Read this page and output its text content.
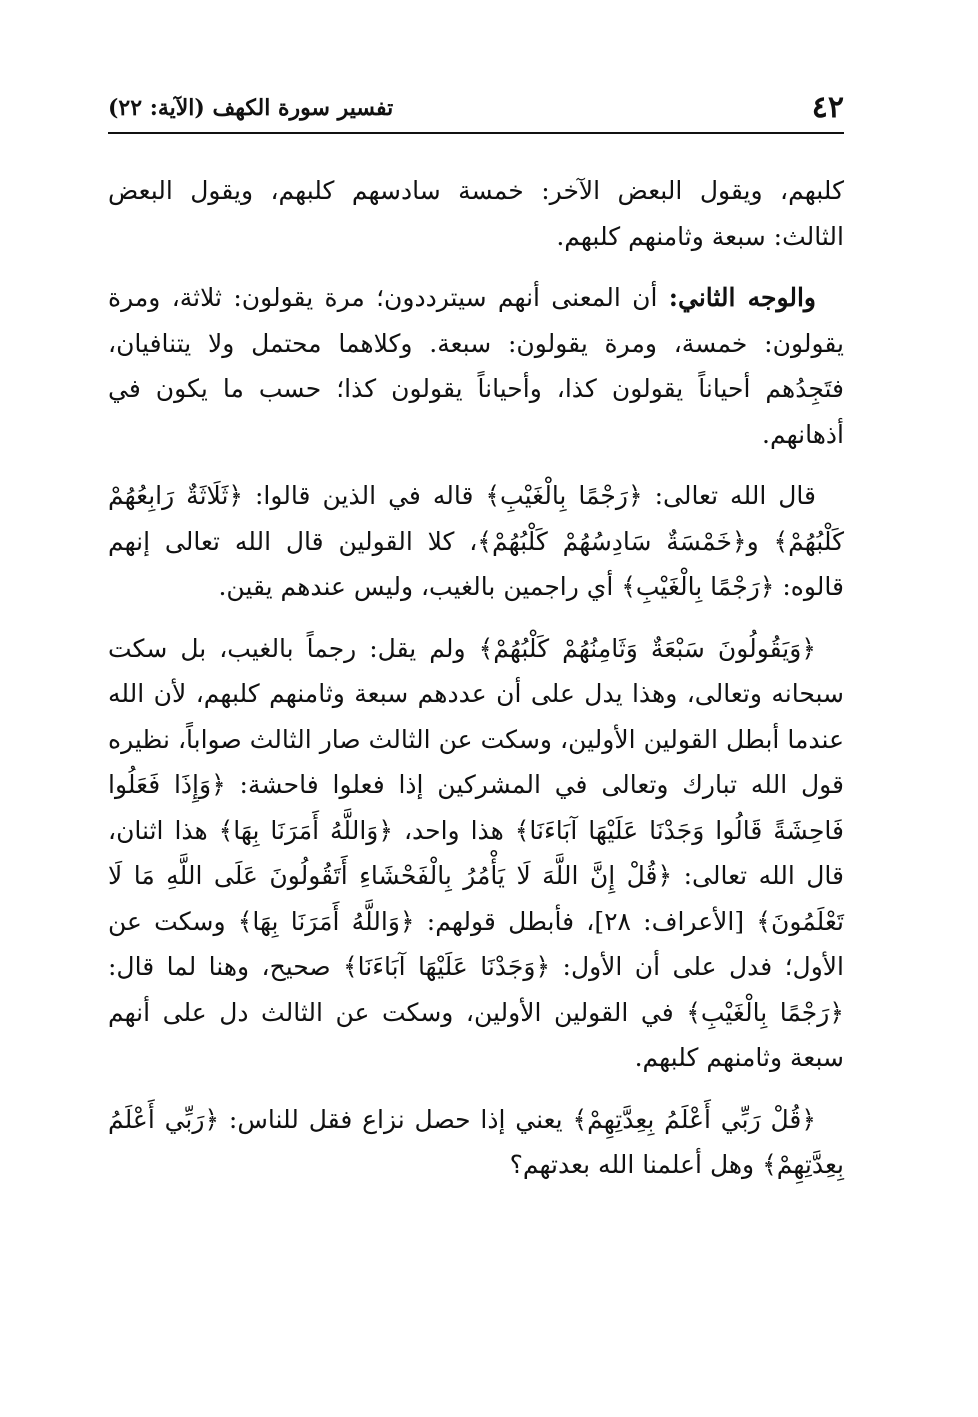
٤٢
تفسير سورة الكهف (الآية: ٢٢)

كلبهم، ويقول البعض الآخر: خمسة سادسهم كلبهم، ويقول البعض الثالث: سبعة وثامنهم كلبهم.

والوجه الثاني: أن المعنى أنهم سيترددون؛ مرة يقولون: ثلاثة، ومرة يقولون: خمسة، ومرة يقولون: سبعة. وكلاهما محتمل ولا يتنافيان، فتَجِدُهم أحياناً يقولون كذا، وأحياناً يقولون كذا؛ حسب ما يكون في أذهانهم.

قال الله تعالى: ﴿رَجْمًا بِالْغَيْبِ﴾ قاله في الذين قالوا: ﴿ثَلَاثَةٌ رَابِعُهُمْ كَلْبُهُمْ﴾ و﴿خَمْسَةٌ سَادِسُهُمْ كَلْبُهُمْ﴾، كلا القولين قال الله تعالى إنهم قالوه: ﴿رَجْمًا بِالْغَيْبِ﴾ أي راجمين بالغيب، وليس عندهم يقين.

﴿وَيَقُولُونَ سَبْعَةٌ وَثَامِنُهُمْ كَلْبُهُمْ﴾ ولم يقل: رجماً بالغيب، بل سكت سبحانه وتعالى، وهذا يدل على أن عددهم سبعة وثامنهم كلبهم، لأن الله عندما أبطل القولين الأولين، وسكت عن الثالث صار الثالث صواباً، نظيره قول الله تبارك وتعالى في المشركين إذا فعلوا فاحشة: ﴿وَإِذَا فَعَلُوا فَاحِشَةً قَالُوا وَجَدْنَا عَلَيْهَا آبَاءَنَا﴾ هذا واحد، ﴿وَاللَّهُ أَمَرَنَا بِهَا﴾ هذا اثنان، قال الله تعالى: ﴿قُلْ إِنَّ اللَّهَ لَا يَأْمُرُ بِالْفَحْشَاءِ أَتَقُولُونَ عَلَى اللَّهِ مَا لَا تَعْلَمُونَ﴾ [الأعراف: ٢٨]، فأبطل قولهم: ﴿وَاللَّهُ أَمَرَنَا بِهَا﴾ وسكت عن الأول؛ فدل على أن الأول: ﴿وَجَدْنَا عَلَيْهَا آبَاءَنَا﴾ صحيح، وهنا لما قال: ﴿رَجْمًا بِالْغَيْبِ﴾ في القولين الأولين، وسكت عن الثالث دل على أنهم سبعة وثامنهم كلبهم.

﴿قُلْ رَبِّي أَعْلَمُ بِعِدَّتِهِمْ﴾ يعني إذا حصل نزاع فقل للناس: ﴿رَبِّي أَعْلَمُ بِعِدَّتِهِمْ﴾ وهل أعلمنا الله بعدتهم؟
